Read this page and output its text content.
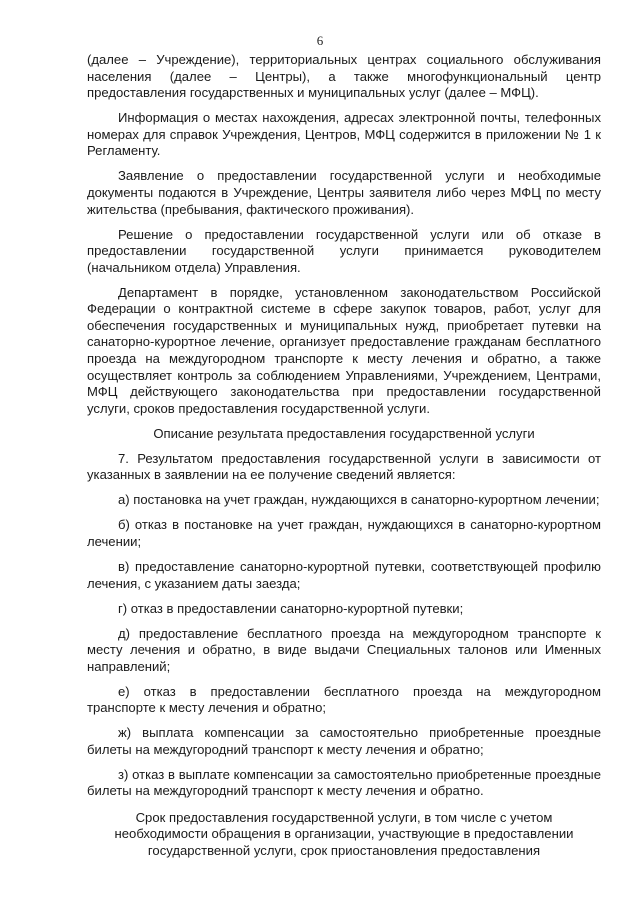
6

(далее – Учреждение), территориальных центрах социального обслуживания населения (далее – Центры), а также многофункциональный центр предоставления государственных и муниципальных услуг (далее – МФЦ).

Информация о местах нахождения, адресах электронной почты, телефонных номерах для справок Учреждения, Центров, МФЦ содержится в приложении № 1 к Регламенту.

Заявление о предоставлении государственной услуги и необходимые документы подаются в Учреждение, Центры заявителя либо через МФЦ по месту жительства (пребывания, фактического проживания).

Решение о предоставлении государственной услуги или об отказе в предоставлении государственной услуги принимается руководителем (начальником отдела) Управления.

Департамент в порядке, установленном законодательством Российской Федерации о контрактной системе в сфере закупок товаров, работ, услуг для обеспечения государственных и муниципальных нужд, приобретает путевки на санаторно-курортное лечение, организует предоставление гражданам бесплатного проезда на междугородном транспорте к месту лечения и обратно, а также осуществляет контроль за соблюдением Управлениями, Учреждением, Центрами, МФЦ действующего законодательства при предоставлении государственной услуги, сроков предоставления государственной услуги.

Описание результата предоставления государственной услуги

7. Результатом предоставления государственной услуги в зависимости от указанных в заявлении на ее получение сведений является:

а) постановка на учет граждан, нуждающихся в санаторно-курортном лечении;

б) отказ в постановке на учет граждан, нуждающихся в санаторно-курортном лечении;

в) предоставление санаторно-курортной путевки, соответствующей профилю лечения, с указанием даты заезда;

г) отказ в предоставлении санаторно-курортной путевки;

д) предоставление бесплатного проезда на междугородном транспорте к месту лечения и обратно, в виде выдачи Специальных талонов или Именных направлений;

е) отказ в предоставлении бесплатного проезда на междугородном транспорте к месту лечения и обратно;

ж) выплата компенсации за самостоятельно приобретенные проездные билеты на междугородний транспорт к месту лечения и обратно;

з) отказ в выплате компенсации за самостоятельно приобретенные проездные билеты на междугородний транспорт к месту лечения и обратно.

Срок предоставления государственной услуги, в том числе с учетом необходимости обращения в организации, участвующие в предоставлении государственной услуги, срок приостановления предоставления
